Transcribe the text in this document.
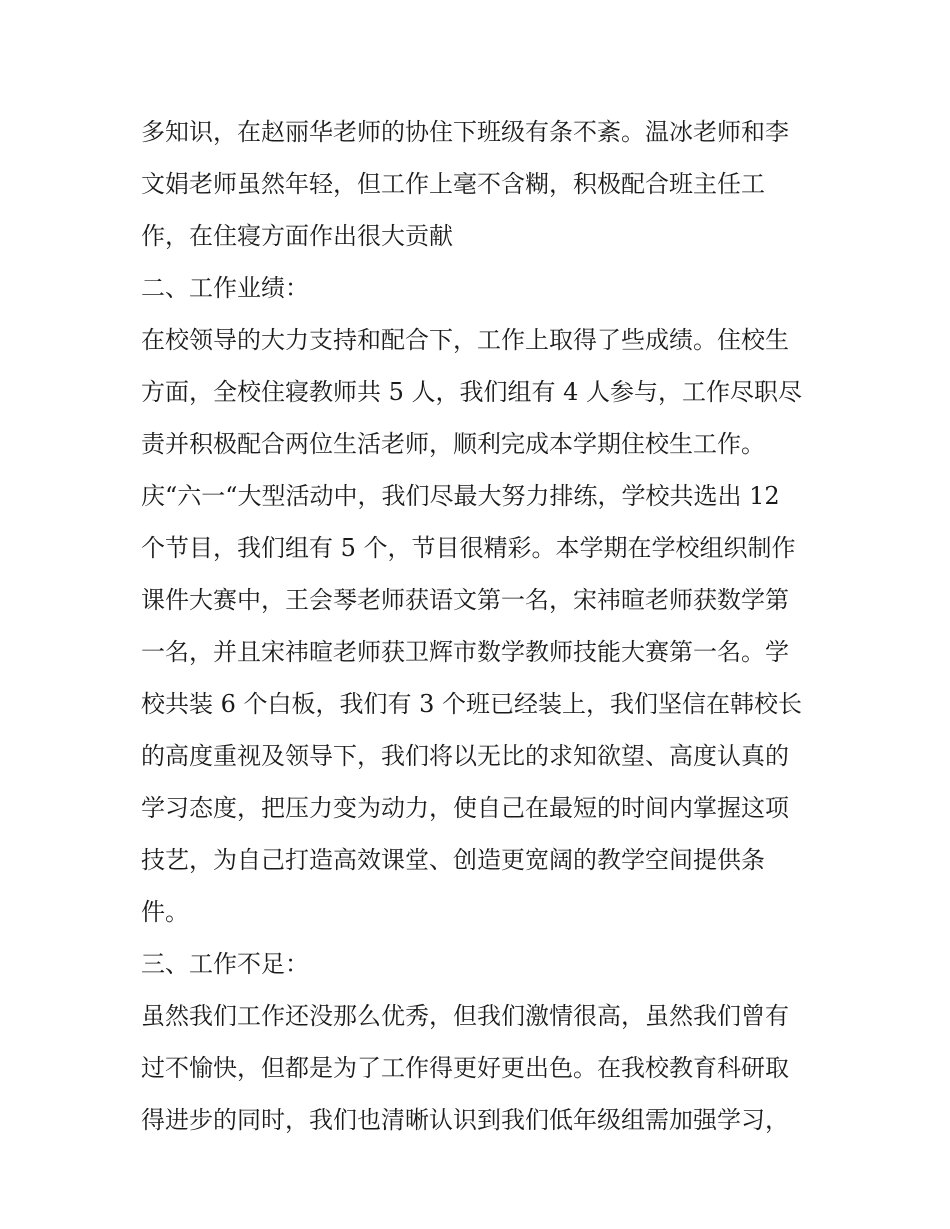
多知识，在赵丽华老师的协住下班级有条不紊。温冰老师和李
文娟老师虽然年轻，但工作上毫不含糊，积极配合班主任工
作，在住寝方面作出很大贡献
二、工作业绩：
在校领导的大力支持和配合下，工作上取得了些成绩。住校生
方面，全校住寝教师共 5 人，我们组有 4 人参与，工作尽职尽
责并积极配合两位生活老师，顺利完成本学期住校生工作。
庆“六一“大型活动中，我们尽最大努力排练，学校共选出 12
个节目，我们组有 5 个，节目很精彩。本学期在学校组织制作
课件大赛中，王会琴老师获语文第一名，宋祎暄老师获数学第
一名，并且宋祎暄老师获卫辉市数学教师技能大赛第一名。学
校共装 6 个白板，我们有 3 个班已经装上，我们坚信在韩校长
的高度重视及领导下，我们将以无比的求知欲望、高度认真的
学习态度，把压力变为动力，使自己在最短的时间内掌握这项
技艺，为自己打造高效课堂、创造更宽阔的教学空间提供条
件。
三、工作不足：
虽然我们工作还没那么优秀，但我们激情很高，虽然我们曾有
过不愉快，但都是为了工作得更好更出色。在我校教育科研取
得进步的同时，我们也清晰认识到我们低年级组需加强学习，
